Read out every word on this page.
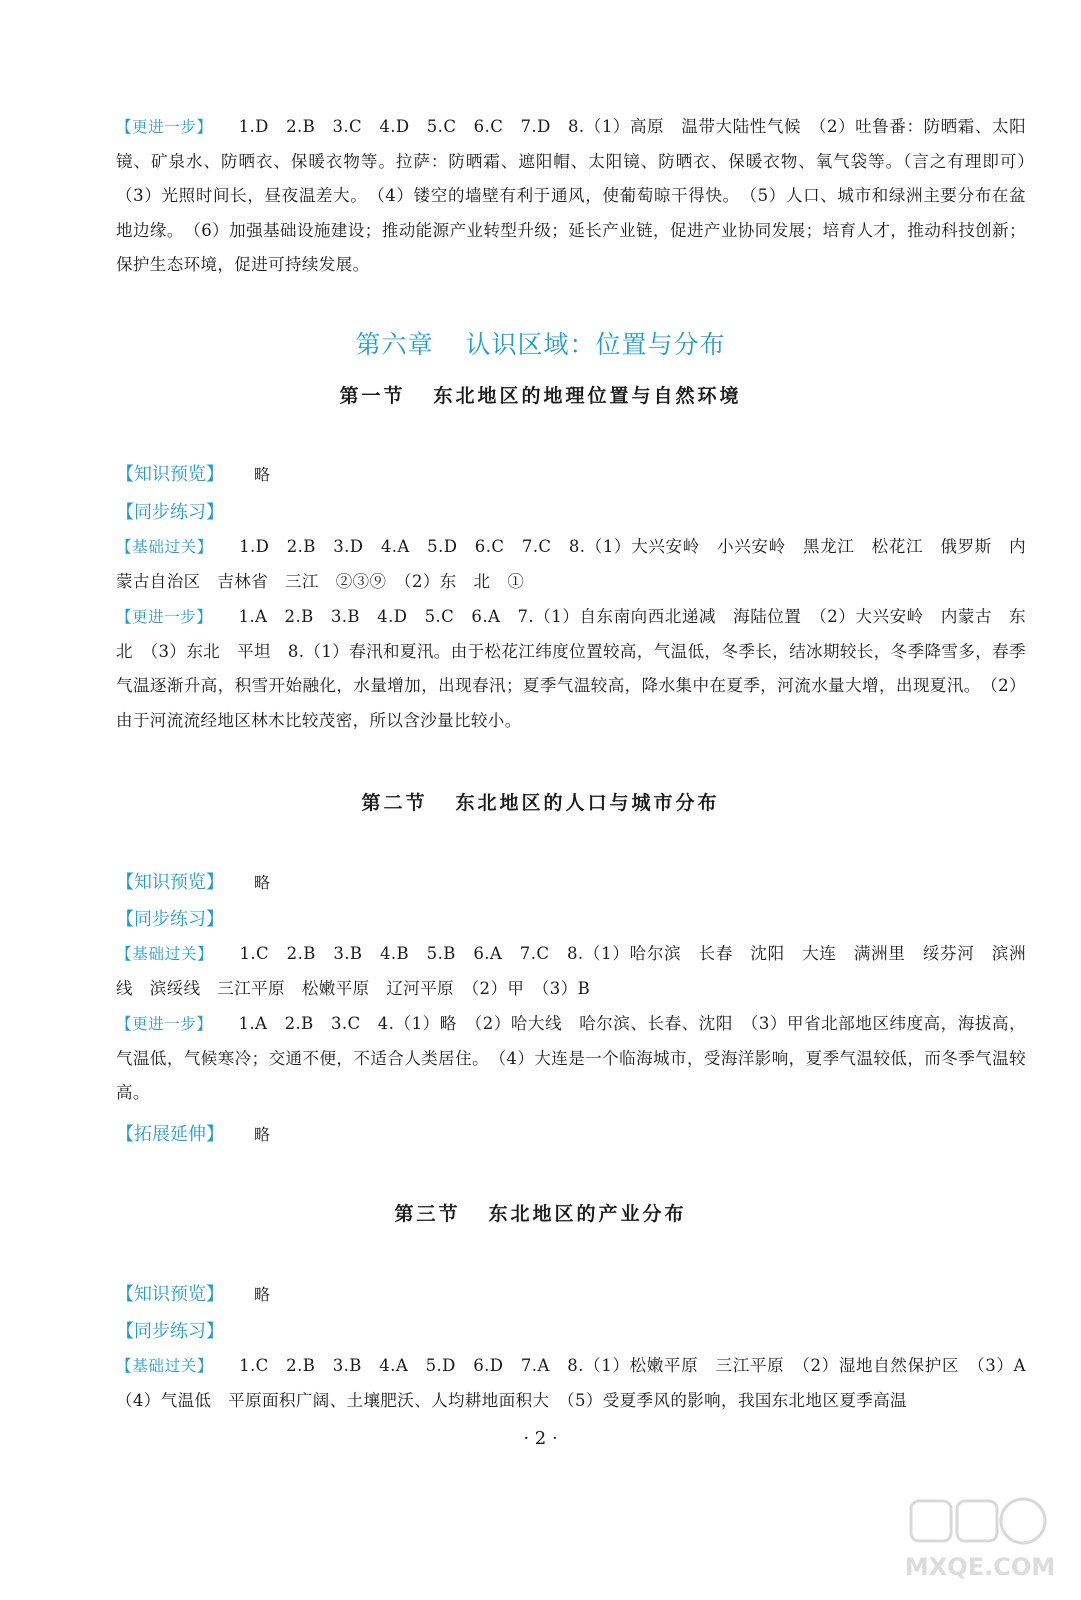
【更进一步】 1.D　2.B　3.C　4.D　5.C　6.C　7.D　8.（1）高原　温带大陆性气候　（2）吐鲁番：防晒霜、太阳镜、矿泉水、防晒衣、保暖衣物等。拉萨：防晒霜、遮阳帽、太阳镜、防晒衣、保暖衣物、氧气袋等。（言之有理即可）　（3）光照时间长，昼夜温差大。　（4）镂空的墙壁有利于通风，使葡萄晾干得快。　（5）人口、城市和绿洲主要分布在盆地边缘。　（6）加强基础设施建设；推动能源产业转型升级；延长产业链，促进产业协同发展；培育人才，推动科技创新；保护生态环境，促进可持续发展。
第六章 认识区域：位置与分布
第一节 东北地区的地理位置与自然环境
【知识预览】 略
【同步练习】
【基础过关】 1.D　2.B　3.D　4.A　5.D　6.C　7.C　8.（1）大兴安岭　小兴安岭　黑龙江　松花江　俄罗斯　内蒙古自治区　吉林省　三江　②③⑨　（2）东　北　①
【更进一步】 1.A　2.B　3.B　4.D　5.C　6.A　7.（1）自东南向西北递减　海陆位置　（2）大兴安岭　内蒙古　东北　（3）东北　平坦　8.（1）春汛和夏汛。由于松花江纬度位置较高，气温低，冬季长，结冰期较长，冬季降雪多，春季气温逐渐升高，积雪开始融化，水量增加，出现春汛；夏季气温较高，降水集中在夏季，河流水量大增，出现夏汛。　（2）由于河流流经地区林木比较茂密，所以含沙量比较小。
第二节 东北地区的人口与城市分布
【知识预览】 略
【同步练习】
【基础过关】 1.C　2.B　3.B　4.B　5.B　6.A　7.C　8.（1）哈尔滨　长春　沈阳　大连　满洲里　绥芬河　滨洲线　滨绥线　三江平原　松嫩平原　辽河平原　（2）甲　（3）B
【更进一步】 1.A　2.B　3.C　4.（1）略　（2）哈大线　哈尔滨、长春、沈阳　（3）甲省北部地区纬度高，海拔高，气温低，气候寒冷；交通不便，不适合人类居住。　（4）大连是一个临海城市，受海洋影响，夏季气温较低，而冬季气温较高。
【拓展延伸】 略
第三节 东北地区的产业分布
【知识预览】 略
【同步练习】
【基础过关】 1.C　2.B　3.B　4.A　5.D　6.D　7.A　8.（1）松嫩平原　三江平原　（2）湿地自然保护区　（3）A　（4）气温低　平原面积广阔、土壤肥沃、人均耕地面积大　（5）受夏季风的影响，我国东北地区夏季高温
· 2 ·
MXQE.COM
